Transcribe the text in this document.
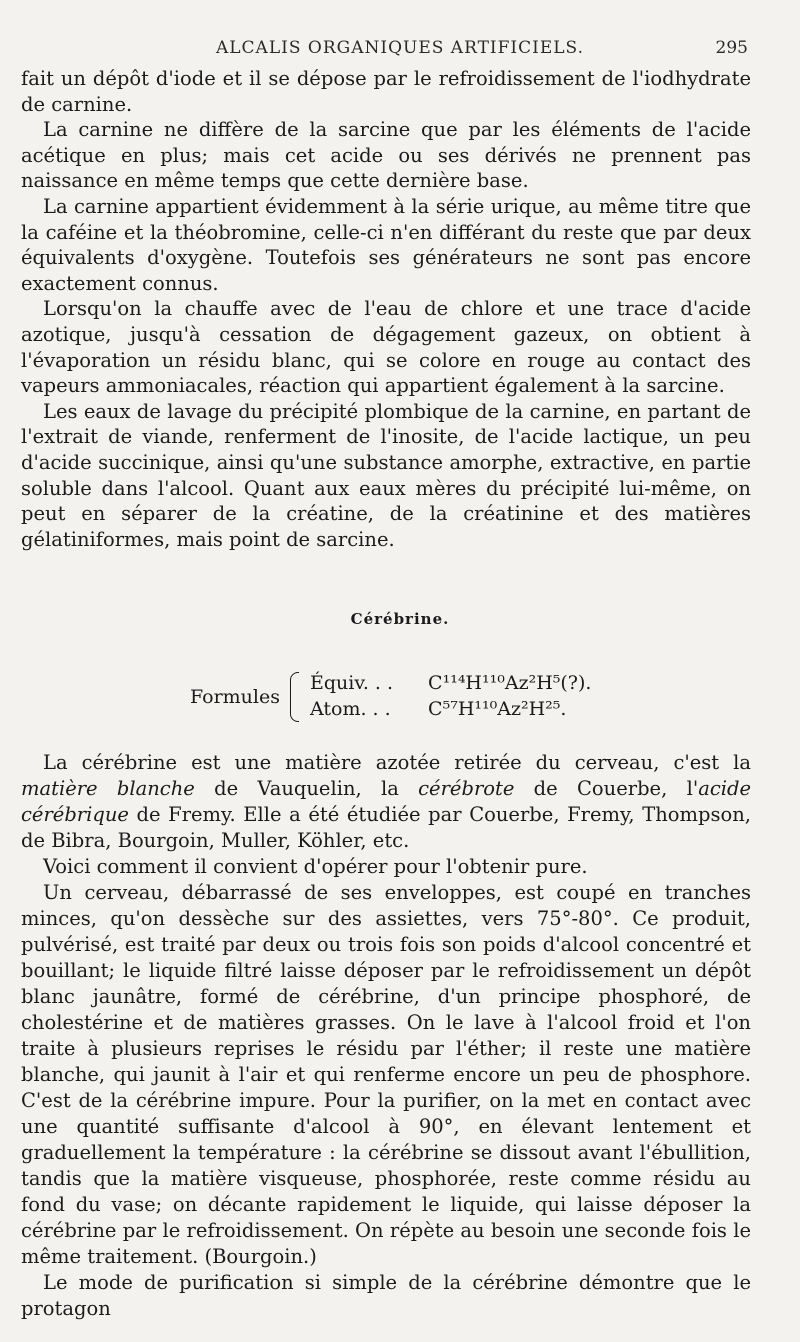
ALCALIS ORGANIQUES ARTIFICIELS.	295

fait un dépôt d'iode et il se dépose par le refroidissement de l'iodhydrate de carnine.

La carnine ne diffère de la sarcine que par les éléments de l'acide acétique en plus; mais cet acide ou ses dérivés ne prennent pas naissance en même temps que cette dernière base.

La carnine appartient évidemment à la série urique, au même titre que la caféine et la théobromine, celle-ci n'en différant du reste que par deux équivalents d'oxygène. Toutefois ses générateurs ne sont pas encore exactement connus.

Lorsqu'on la chauffe avec de l'eau de chlore et une trace d'acide azotique, jusqu'à cessation de dégagement gazeux, on obtient à l'évaporation un résidu blanc, qui se colore en rouge au contact des vapeurs ammoniacales, réaction qui appartient également à la sarcine.

Les eaux de lavage du précipité plombique de la carnine, en partant de l'extrait de viande, renferment de l'inosite, de l'acide lactique, un peu d'acide succinique, ainsi qu'une substance amorphe, extractive, en partie soluble dans l'alcool. Quant aux eaux mères du précipité lui-même, on peut en séparer de la créatine, de la créatinine et des matières gélatiniformes, mais point de sarcine.

Cérébrine.
Formules
Équiv. . . C¹¹⁴H¹¹⁰Az²H⁵(?).
Atom. . . C⁵⁷H¹¹⁰Az²H²⁵.

La cérébrine est une matière azotée retirée du cerveau, c'est la matière blanche de Vauquelin, la cérébrote de Couerbe, l'acide cérébrique de Fremy. Elle a été étudiée par Couerbe, Fremy, Thompson, de Bibra, Bourgoin, Muller, Köhler, etc.

Voici comment il convient d'opérer pour l'obtenir pure.

Un cerveau, débarrassé de ses enveloppes, est coupé en tranches minces, qu'on dessèche sur des assiettes, vers 75°-80°. Ce produit, pulvérisé, est traité par deux ou trois fois son poids d'alcool concentré et bouillant; le liquide filtré laisse déposer par le refroidissement un dépôt blanc jaunâtre, formé de cérébrine, d'un principe phosphoré, de cholestérine et de matières grasses. On le lave à l'alcool froid et l'on traite à plusieurs reprises le résidu par l'éther; il reste une matière blanche, qui jaunit à l'air et qui renferme encore un peu de phosphore. C'est de la cérébrine impure. Pour la purifier, on la met en contact avec une quantité suffisante d'alcool à 90°, en élevant lentement et graduellement la température : la cérébrine se dissout avant l'ébullition, tandis que la matière visqueuse, phosphorée, reste comme résidu au fond du vase; on décante rapidement le liquide, qui laisse déposer la cérébrine par le refroidissement. On répète au besoin une seconde fois le même traitement. (Bourgoin.)

Le mode de purification si simple de la cérébrine démontre que le protagon
